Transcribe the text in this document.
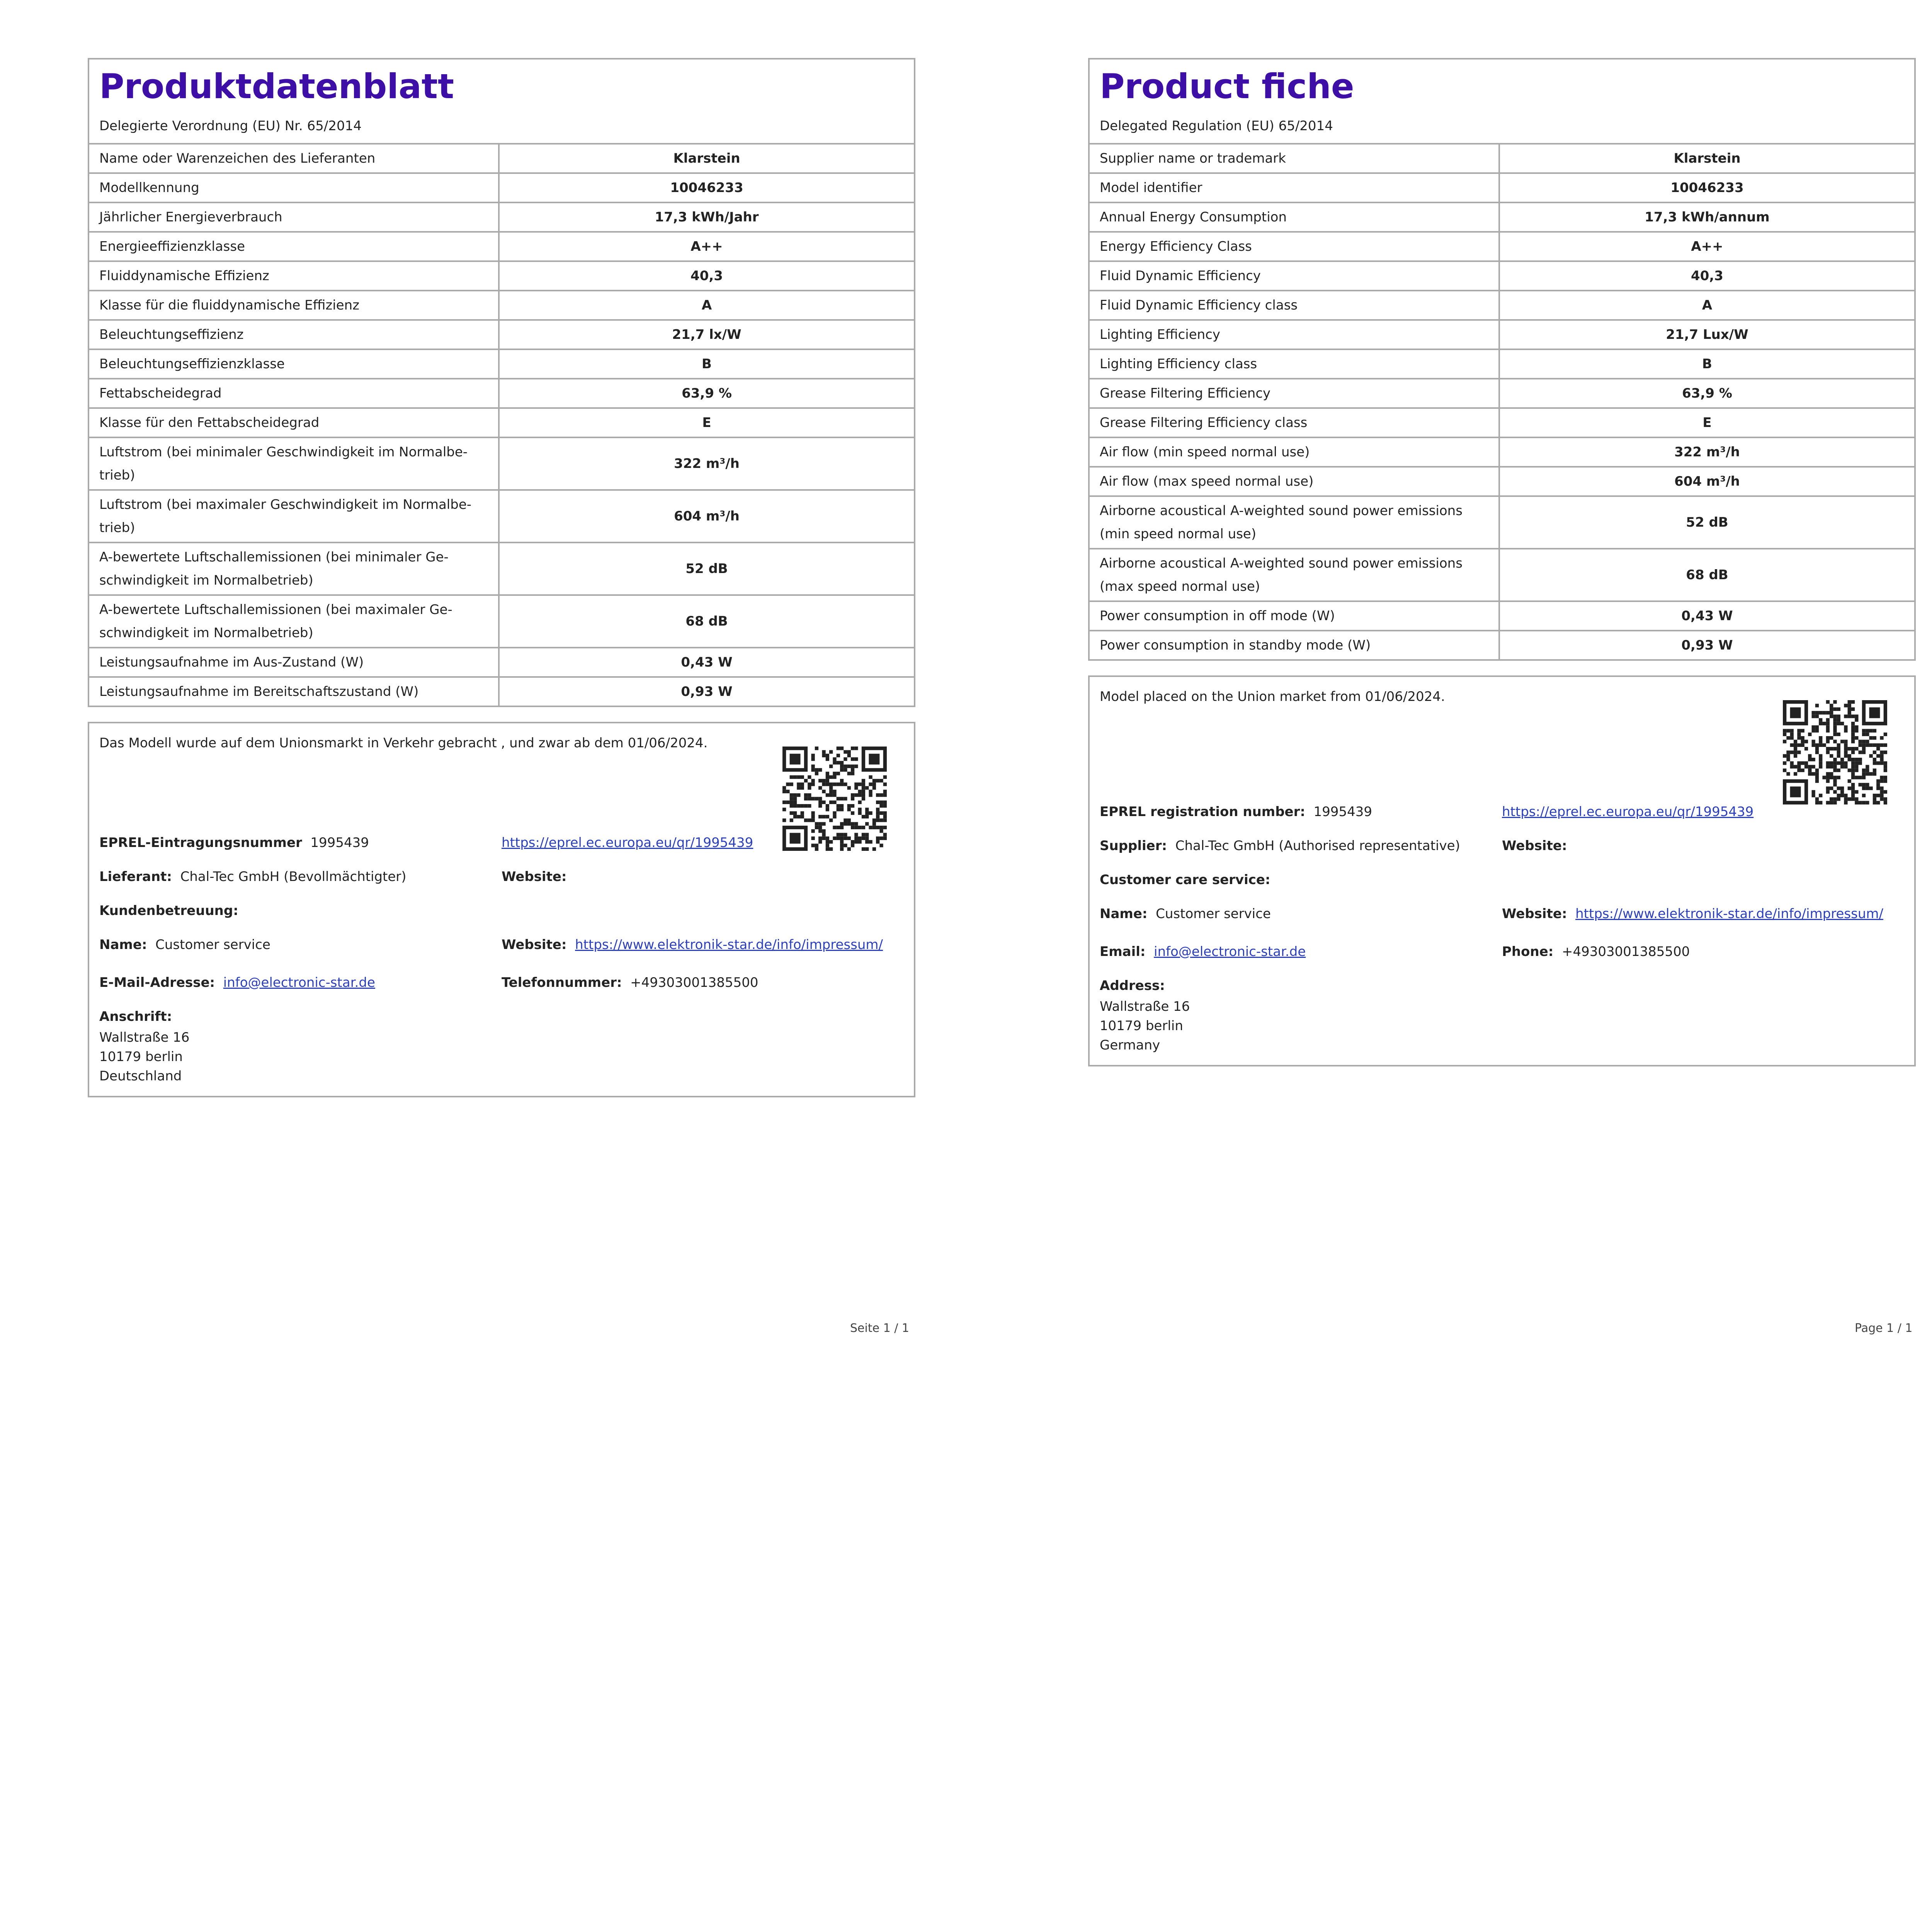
Produktdatenblatt
Delegierte Verordnung (EU) Nr. 65/2014
Name oder Warenzeichen des Lieferanten	Klarstein
Modellkennung	10046233
Jährlicher Energieverbrauch	17,3 kWh/Jahr
Energieeffizienzklasse	A++
Fluiddynamische Effizienz	40,3
Klasse für die fluiddynamische Effizienz	A
Beleuchtungseffizienz	21,7 lx/W
Beleuchtungseffizienzklasse	B
Fettabscheidegrad	63,9 %
Klasse für den Fettabscheidegrad	E
Luftstrom (bei minimaler Geschwindigkeit im Normalbetrieb)	322 m³/h
Luftstrom (bei maximaler Geschwindigkeit im Normalbetrieb)	604 m³/h
A-bewertete Luftschallemissionen (bei minimaler Geschwindigkeit im Normalbetrieb)	52 dB
A-bewertete Luftschallemissionen (bei maximaler Geschwindigkeit im Normalbetrieb)	68 dB
Leistungsaufnahme im Aus-Zustand (W)	0,43 W
Leistungsaufnahme im Bereitschaftszustand (W)	0,93 W
Das Modell wurde auf dem Unionsmarkt in Verkehr gebracht , und zwar ab dem 01/06/2024.
EPREL-Eintragungsnummer 1995439	https://eprel.ec.europa.eu/qr/1995439
Lieferant: Chal-Tec GmbH (Bevollmächtigter)	Website:
Kundenbetreuung:
Name: Customer service	Website: https://www.elektronik-star.de/info/impressum/
E-Mail-Adresse: info@electronic-star.de	Telefonnummer: +49303001385500
Anschrift:
Wallstraße 16
10179 berlin
Deutschland
Seite 1 / 1
Product fiche
Delegated Regulation (EU) 65/2014
Supplier name or trademark	Klarstein
Model identifier	10046233
Annual Energy Consumption	17,3 kWh/annum
Energy Efficiency Class	A++
Fluid Dynamic Efficiency	40,3
Fluid Dynamic Efficiency class	A
Lighting Efficiency	21,7 Lux/W
Lighting Efficiency class	B
Grease Filtering Efficiency	63,9 %
Grease Filtering Efficiency class	E
Air flow (min speed normal use)	322 m³/h
Air flow (max speed normal use)	604 m³/h
Airborne acoustical A-weighted sound power emissions (min speed normal use)	52 dB
Airborne acoustical A-weighted sound power emissions (max speed normal use)	68 dB
Power consumption in off mode (W)	0,43 W
Power consumption in standby mode (W)	0,93 W
Model placed on the Union market from 01/06/2024.
EPREL registration number: 1995439	https://eprel.ec.europa.eu/qr/1995439
Supplier: Chal-Tec GmbH (Authorised representative)	Website:
Customer care service:
Name: Customer service	Website: https://www.elektronik-star.de/info/impressum/
Email: info@electronic-star.de	Phone: +49303001385500
Address:
Wallstraße 16
10179 berlin
Germany
Page 1 / 1
